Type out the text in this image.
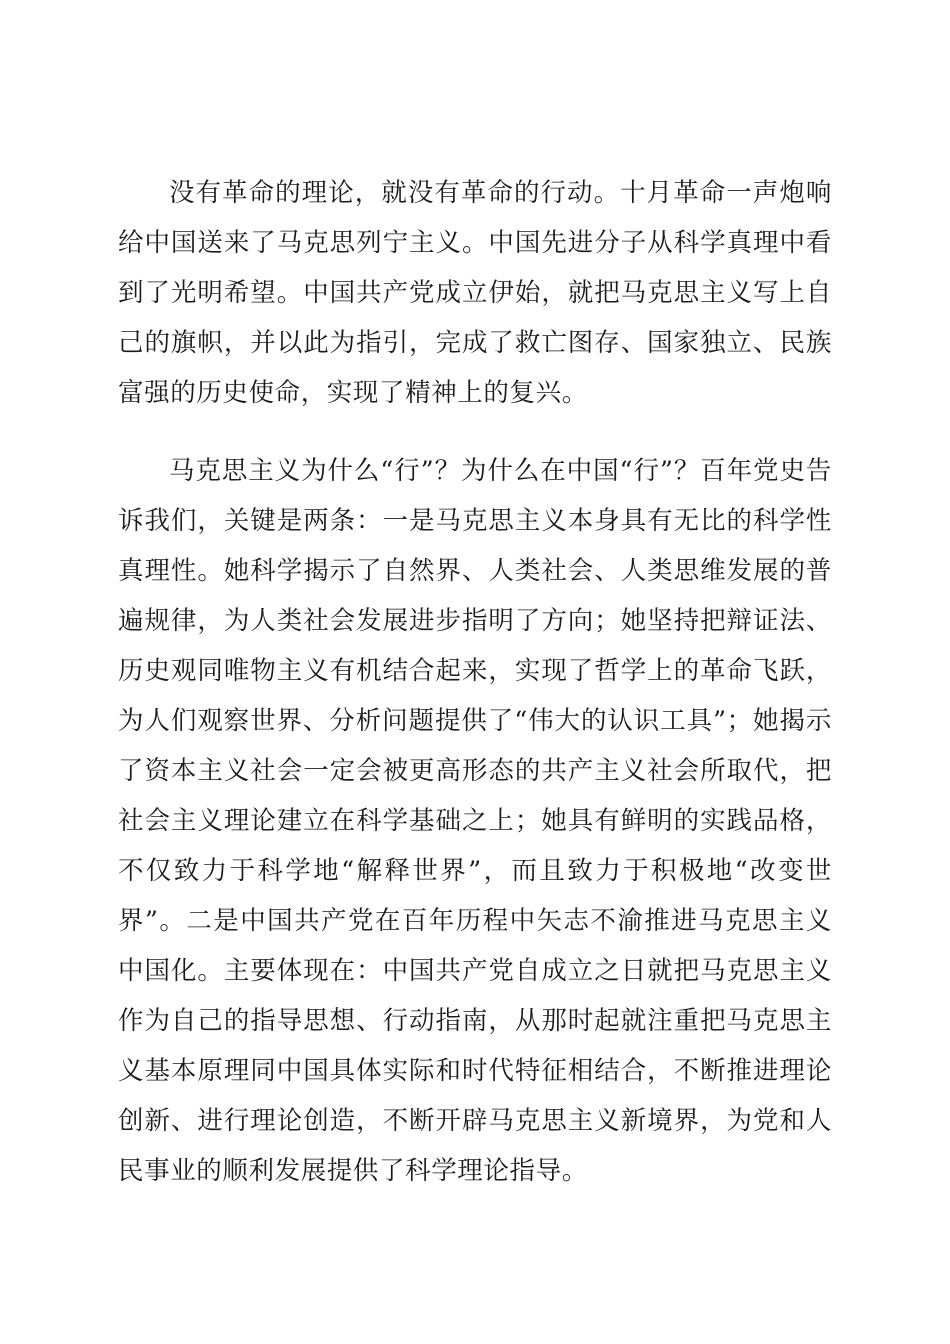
没有革命的理论，就没有革命的行动。十月革命一声炮响给中国送来了马克思列宁主义。中国先进分子从科学真理中看到了光明希望。中国共产党成立伊始，就把马克思主义写上自己的旗帜，并以此为指引，完成了救亡图存、国家独立、民族富强的历史使命，实现了精神上的复兴。

马克思主义为什么“行”？为什么在中国“行”？百年党史告诉我们，关键是两条：一是马克思主义本身具有无比的科学性真理性。她科学揭示了自然界、人类社会、人类思维发展的普遍规律，为人类社会发展进步指明了方向；她坚持把辩证法、历史观同唯物主义有机结合起来，实现了哲学上的革命飞跃，为人们观察世界、分析问题提供了“伟大的认识工具”；她揭示了资本主义社会一定会被更高形态的共产主义社会所取代，把社会主义理论建立在科学基础之上；她具有鲜明的实践品格，不仅致力于科学地“解释世界”，而且致力于积极地“改变世界”。二是中国共产党在百年历程中矢志不渝推进马克思主义中国化。主要体现在：中国共产党自成立之日就把马克思主义作为自己的指导思想、行动指南，从那时起就注重把马克思主义基本原理同中国具体实际和时代特征相结合，不断推进理论创新、进行理论创造，不断开辟马克思主义新境界，为党和人民事业的顺利发展提供了科学理论指导。
